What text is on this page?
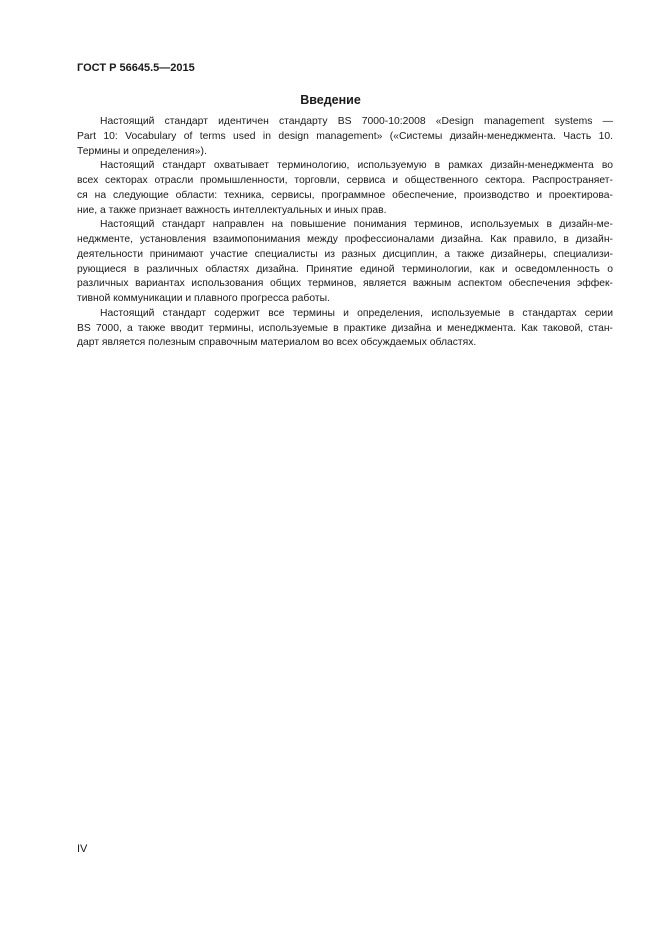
ГОСТ Р 56645.5—2015
Введение
Настоящий стандарт идентичен стандарту BS 7000-10:2008 «Design management systems —
Part 10: Vocabulary of terms used in design management» («Системы дизайн-менеджмента. Часть 10.
Термины и определения»).
Настоящий стандарт охватывает терминологию, используемую в рамках дизайн-менеджмента во
всех секторах отрасли промышленности, торговли, сервиса и общественного сектора. Распространяет-
ся на следующие области: техника, сервисы, программное обеспечение, производство и проектирова-
ние, а также признает важность интеллектуальных и иных прав.
Настоящий стандарт направлен на повышение понимания терминов, используемых в дизайн-ме-
неджменте, установления взаимопонимания между профессионалами дизайна. Как правило, в дизайн-
деятельности принимают участие специалисты из разных дисциплин, а также дизайнеры, специализи-
рующиеся в различных областях дизайна. Принятие единой терминологии, как и осведомленность о
различных вариантах использования общих терминов, является важным аспектом обеспечения эффек-
тивной коммуникации и плавного прогресса работы.
Настоящий стандарт содержит все термины и определения, используемые в стандартах серии
BS 7000, а также вводит термины, используемые в практике дизайна и менеджмента. Как таковой, стан-
дарт является полезным справочным материалом во всех обсуждаемых областях.
IV
